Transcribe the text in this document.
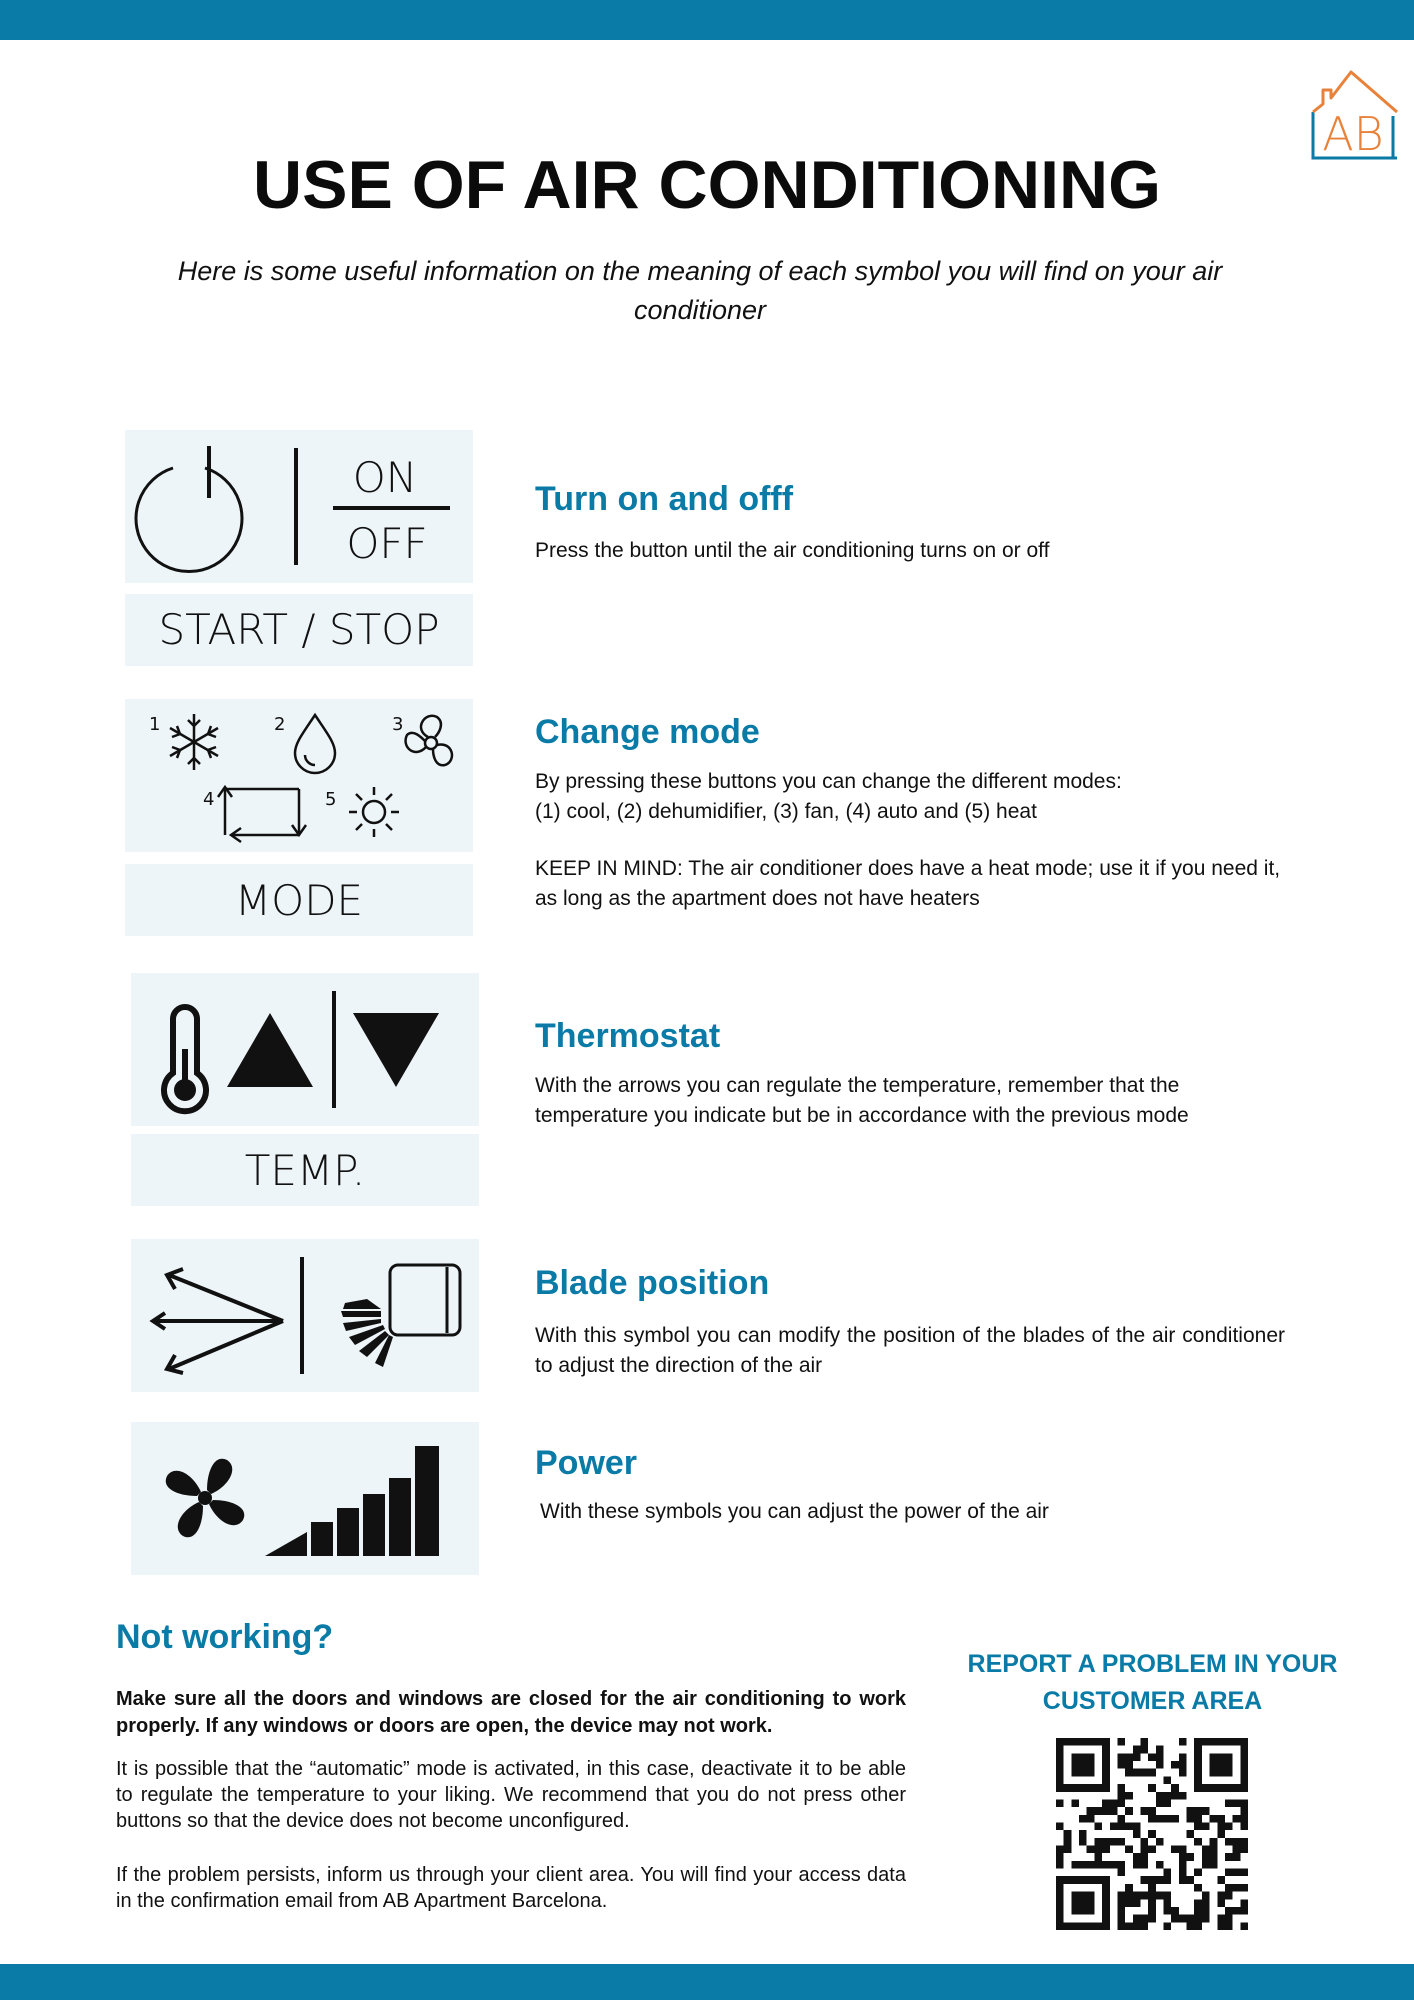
AB
USE OF AIR CONDITIONING

Here is some useful information on the meaning of each symbol you will find on your air conditioner

ON
OFF
START / STOP
Turn on and offf

Press the button until the air conditioning turns on or off

1	2	3
4	5
MODE
Change mode

By pressing these buttons you can change the different modes:

(1) cool, (2) dehumidifier, (3) fan, (4) auto and (5) heat

KEEP IN MIND: The air conditioner does have a heat mode; use it if you need it, as long as the apartment does not have heaters

TEMP.
Thermostat

With the arrows you can regulate the temperature, remember that the temperature you indicate but be in accordance with the previous mode

Blade position

With this symbol you can modify the position of the blades of the air conditioner to adjust the direction of the air

Power

With these symbols you can adjust the power of the air

Not working?

Make sure all the doors and windows are closed for the air conditioning to work properly. If any windows or doors are open, the device may not work.

It is possible that the “automatic” mode is activated, in this case, deactivate it to be able to regulate the temperature to your liking. We recommend that you do not press other buttons so that the device does not become unconfigured.

If the problem persists, inform us through your client area. You will find your access data in the confirmation email from AB Apartment Barcelona.

REPORT A PROBLEM IN YOUR CUSTOMER AREA
